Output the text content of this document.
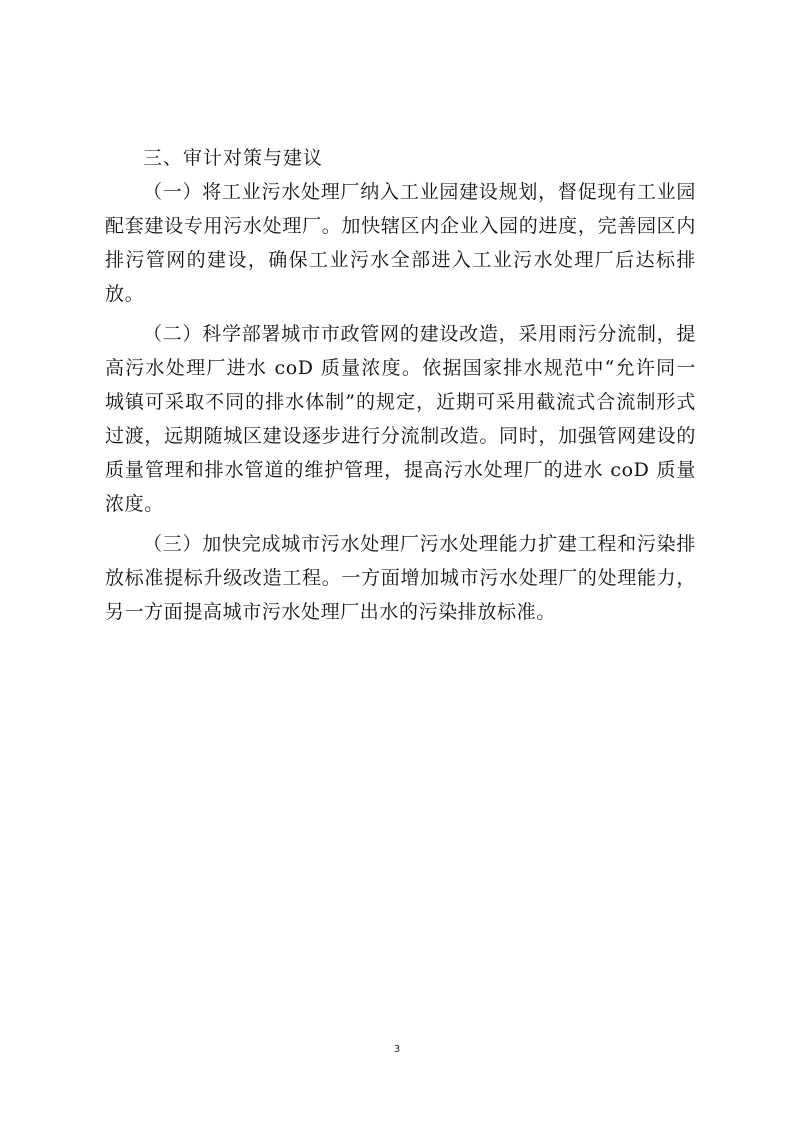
三、审计对策与建议

（一）将工业污水处理厂纳入工业园建设规划，督促现有工业园配套建设专用污水处理厂。加快辖区内企业入园的进度，完善园区内排污管网的建设，确保工业污水全部进入工业污水处理厂后达标排放。

（二）科学部署城市市政管网的建设改造，采用雨污分流制，提高污水处理厂进水 coD 质量浓度。依据国家排水规范中“允许同一城镇可采取不同的排水体制”的规定，近期可采用截流式合流制形式过渡，远期随城区建设逐步进行分流制改造。同时，加强管网建设的质量管理和排水管道的维护管理，提高污水处理厂的进水 coD 质量浓度。

（三）加快完成城市污水处理厂污水处理能力扩建工程和污染排放标准提标升级改造工程。一方面增加城市污水处理厂的处理能力，另一方面提高城市污水处理厂出水的污染排放标准。

3
